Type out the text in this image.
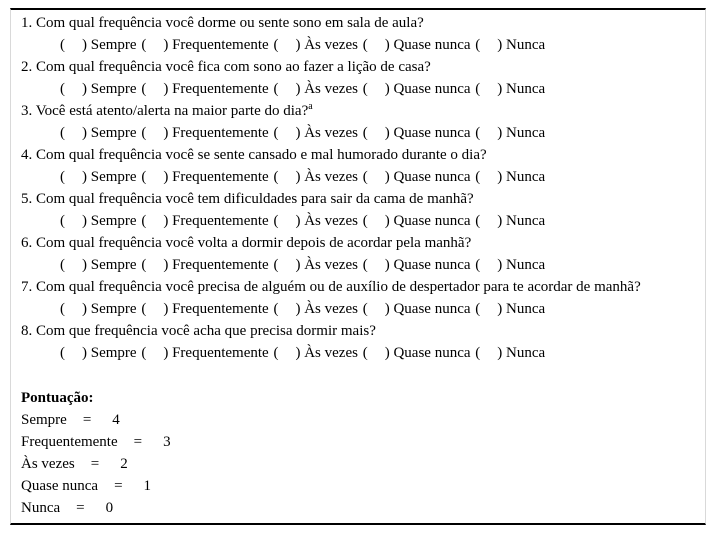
1. Com qual frequência você dorme ou sente sono em sala de aula?

( ) Sempre ( ) Frequentemente ( ) Às vezes ( ) Quase nunca ( ) Nunca

2. Com qual frequência você fica com sono ao fazer a lição de casa?

( ) Sempre ( ) Frequentemente ( ) Às vezes ( ) Quase nunca ( ) Nunca

3. Você está atento/alerta na maior parte do dia?$^a$

( ) Sempre ( ) Frequentemente ( ) Às vezes ( ) Quase nunca ( ) Nunca

4. Com qual frequência você se sente cansado e mal humorado durante o dia?

( ) Sempre ( ) Frequentemente ( ) Às vezes ( ) Quase nunca ( ) Nunca

5. Com qual frequência você tem dificuldades para sair da cama de manhã?

( ) Sempre ( ) Frequentemente ( ) Às vezes ( ) Quase nunca ( ) Nunca

6. Com qual frequência você volta a dormir depois de acordar pela manhã?

( ) Sempre ( ) Frequentemente ( ) Às vezes ( ) Quase nunca ( ) Nunca

7. Com qual frequência você precisa de alguém ou de auxílio de despertador para te acordar de manhã?

( ) Sempre ( ) Frequentemente ( ) Às vezes ( ) Quase nunca ( ) Nunca

8. Com que frequência você acha que precisa dormir mais?

( ) Sempre ( ) Frequentemente ( ) Às vezes ( ) Quase nunca ( ) Nunca

Pontuação:

Sempre = 4

Frequentemente = 3

Às vezes = 2

Quase nunca = 1

Nunca = 0
